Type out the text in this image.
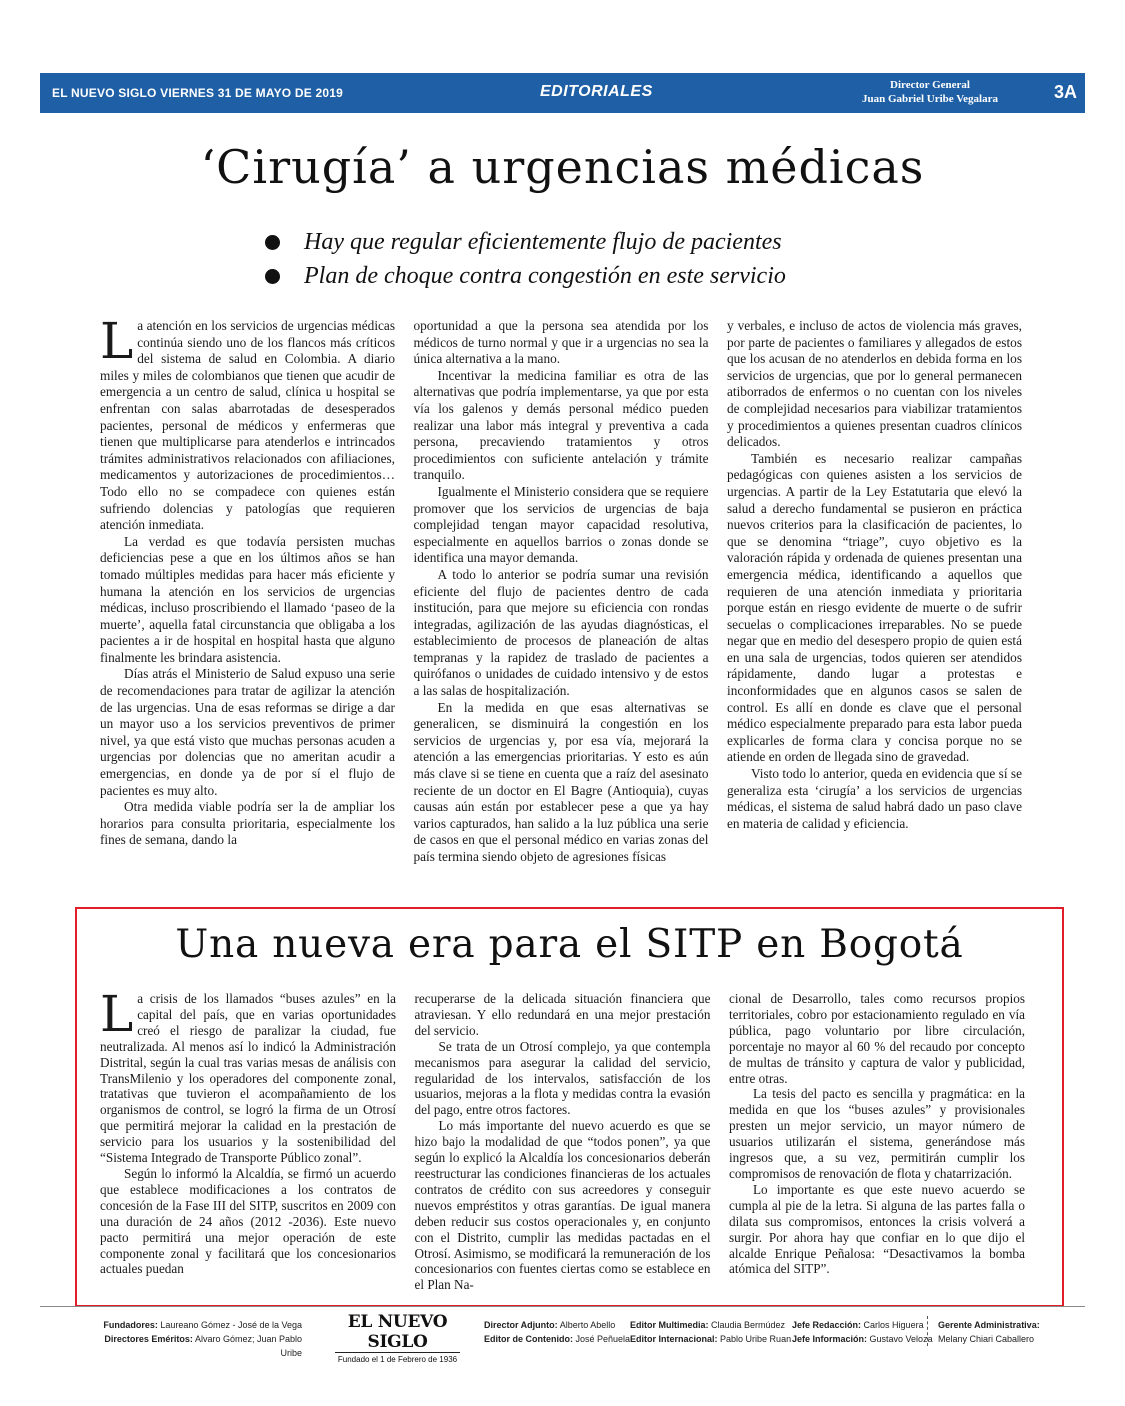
EL NUEVO SIGLO VIERNES 31 DE MAYO DE 2019	EDITORIALES	Director General
Juan Gabriel Uribe Vegalara	3A
‘Cirugía’ a urgencias médicas
Hay que regular eficientemente flujo de pacientes
Plan de choque contra congestión en este servicio

La atención en los servicios de urgencias médicas continúa siendo uno de los flancos más críticos del sistema de salud en Colombia. A diario miles y miles de colombianos que tienen que acudir de emergencia a un centro de salud, clínica u hospital se enfrentan con salas abarrotadas de desesperados pacientes, personal de médicos y enfermeras que tienen que multiplicarse para atenderlos e intrincados trámites administrativos relacionados con afiliaciones, medicamentos y autorizaciones de procedimientos… Todo ello no se compadece con quienes están sufriendo dolencias y patologías que requieren atención inmediata.

La verdad es que todavía persisten muchas deficiencias pese a que en los últimos años se han tomado múltiples medidas para hacer más eficiente y humana la atención en los servicios de urgencias médicas, incluso proscribiendo el llamado ‘paseo de la muerte’, aquella fatal circunstancia que obligaba a los pacientes a ir de hospital en hospital hasta que alguno finalmente les brindara asistencia.

Días atrás el Ministerio de Salud expuso una serie de recomendaciones para tratar de agilizar la atención de las urgencias. Una de esas reformas se dirige a dar un mayor uso a los servicios preventivos de primer nivel, ya que está visto que muchas personas acuden a urgencias por dolencias que no ameritan acudir a emergencias, en donde ya de por sí el flujo de pacientes es muy alto.

Otra medida viable podría ser la de ampliar los horarios para consulta prioritaria, especialmente los fines de semana, dando la

oportunidad a que la persona sea atendida por los médicos de turno normal y que ir a urgencias no sea la única alternativa a la mano.

Incentivar la medicina familiar es otra de las alternativas que podría implementarse, ya que por esta vía los galenos y demás personal médico pueden realizar una labor más integral y preventiva a cada persona, precaviendo tratamientos y otros procedimientos con suficiente antelación y trámite tranquilo.

Igualmente el Ministerio considera que se requiere promover que los servicios de urgencias de baja complejidad tengan mayor capacidad resolutiva, especialmente en aquellos barrios o zonas donde se identifica una mayor demanda.

A todo lo anterior se podría sumar una revisión eficiente del flujo de pacientes dentro de cada institución, para que mejore su eficiencia con rondas integradas, agilización de las ayudas diagnósticas, el establecimiento de procesos de planeación de altas tempranas y la rapidez de traslado de pacientes a quirófanos o unidades de cuidado intensivo y de estos a las salas de hospitalización.

En la medida en que esas alternativas se generalicen, se disminuirá la congestión en los servicios de urgencias y, por esa vía, mejorará la atención a las emergencias prioritarias. Y esto es aún más clave si se tiene en cuenta que a raíz del asesinato reciente de un doctor en El Bagre (Antioquia), cuyas causas aún están por establecer pese a que ya hay varios capturados, han salido a la luz pública una serie de casos en que el personal médico en varias zonas del país termina siendo objeto de agresiones físicas

y verbales, e incluso de actos de violencia más graves, por parte de pacientes o familiares y allegados de estos que los acusan de no atenderlos en debida forma en los servicios de urgencias, que por lo general permanecen atiborrados de enfermos o no cuentan con los niveles de complejidad necesarios para viabilizar tratamientos y procedimientos a quienes presentan cuadros clínicos delicados.

También es necesario realizar campañas pedagógicas con quienes asisten a los servicios de urgencias. A partir de la Ley Estatutaria que elevó la salud a derecho fundamental se pusieron en práctica nuevos criterios para la clasificación de pacientes, lo que se denomina “triage”, cuyo objetivo es la valoración rápida y ordenada de quienes presentan una emergencia médica, identificando a aquellos que requieren de una atención inmediata y prioritaria porque están en riesgo evidente de muerte o de sufrir secuelas o complicaciones irreparables. No se puede negar que en medio del desespero propio de quien está en una sala de urgencias, todos quieren ser atendidos rápidamente, dando lugar a protestas e inconformidades que en algunos casos se salen de control. Es allí en donde es clave que el personal médico especialmente preparado para esta labor pueda explicarles de forma clara y concisa porque no se atiende en orden de llegada sino de gravedad.

Visto todo lo anterior, queda en evidencia que sí se generaliza esta ‘cirugía’ a los servicios de urgencias médicas, el sistema de salud habrá dado un paso clave en materia de calidad y eficiencia.

Una nueva era para el SITP en Bogotá

La crisis de los llamados “buses azules” en la capital del país, que en varias oportunidades creó el riesgo de paralizar la ciudad, fue neutralizada. Al menos así lo indicó la Administración Distrital, según la cual tras varias mesas de análisis con TransMilenio y los operadores del componente zonal, tratativas que tuvieron el acompañamiento de los organismos de control, se logró la firma de un Otrosí que permitirá mejorar la calidad en la prestación de servicio para los usuarios y la sostenibilidad del “Sistema Integrado de Transporte Público zonal”.

Según lo informó la Alcaldía, se firmó un acuerdo que establece modificaciones a los contratos de concesión de la Fase III del SITP, suscritos en 2009 con una duración de 24 años (2012 -2036). Este nuevo pacto permitirá una mejor operación de este componente zonal y facilitará que los concesionarios actuales puedan

recuperarse de la delicada situación financiera que atraviesan. Y ello redundará en una mejor prestación del servicio.

Se trata de un Otrosí complejo, ya que contempla mecanismos para asegurar la calidad del servicio, regularidad de los intervalos, satisfacción de los usuarios, mejoras a la flota y medidas contra la evasión del pago, entre otros factores.

Lo más importante del nuevo acuerdo es que se hizo bajo la modalidad de que “todos ponen”, ya que según lo explicó la Alcaldía los concesionarios deberán reestructurar las condiciones financieras de los actuales contratos de crédito con sus acreedores y conseguir nuevos empréstitos y otras garantías. De igual manera deben reducir sus costos operacionales y, en conjunto con el Distrito, cumplir las medidas pactadas en el Otrosí. Asimismo, se modificará la remuneración de los concesionarios con fuentes ciertas como se establece en el Plan Na-

cional de Desarrollo, tales como recursos propios territoriales, cobro por estacionamiento regulado en vía pública, pago voluntario por libre circulación, porcentaje no mayor al 60 % del recaudo por concepto de multas de tránsito y captura de valor y publicidad, entre otras.

La tesis del pacto es sencilla y pragmática: en la medida en que los “buses azules” y provisionales presten un mejor servicio, un mayor número de usuarios utilizarán el sistema, generándose más ingresos que, a su vez, permitirán cumplir los compromisos de renovación de flota y chatarrización.

Lo importante es que este nuevo acuerdo se cumpla al pie de la letra. Si alguna de las partes falla o dilata sus compromisos, entonces la crisis volverá a surgir. Por ahora hay que confiar en lo que dijo el alcalde Enrique Peñalosa: “Desactivamos la bomba atómica del SITP”.

Fundadores: Laureano Gómez - José de la Vega
Directores Eméritos: Alvaro Gómez; Juan Pablo Uribe
EL NUEVO SIGLO
Fundado el 1 de Febrero de 1936
Director Adjunto: Alberto Abello
Editor de Contenido: José Peñuela
Editor Multimedia: Claudia Bermúdez
Editor Internacional: Pablo Uribe Ruan
Jefe Redacción: Carlos Higuera
Jefe Información: Gustavo Veloza
Gerente Administrativa:
Melany Chiari Caballero
